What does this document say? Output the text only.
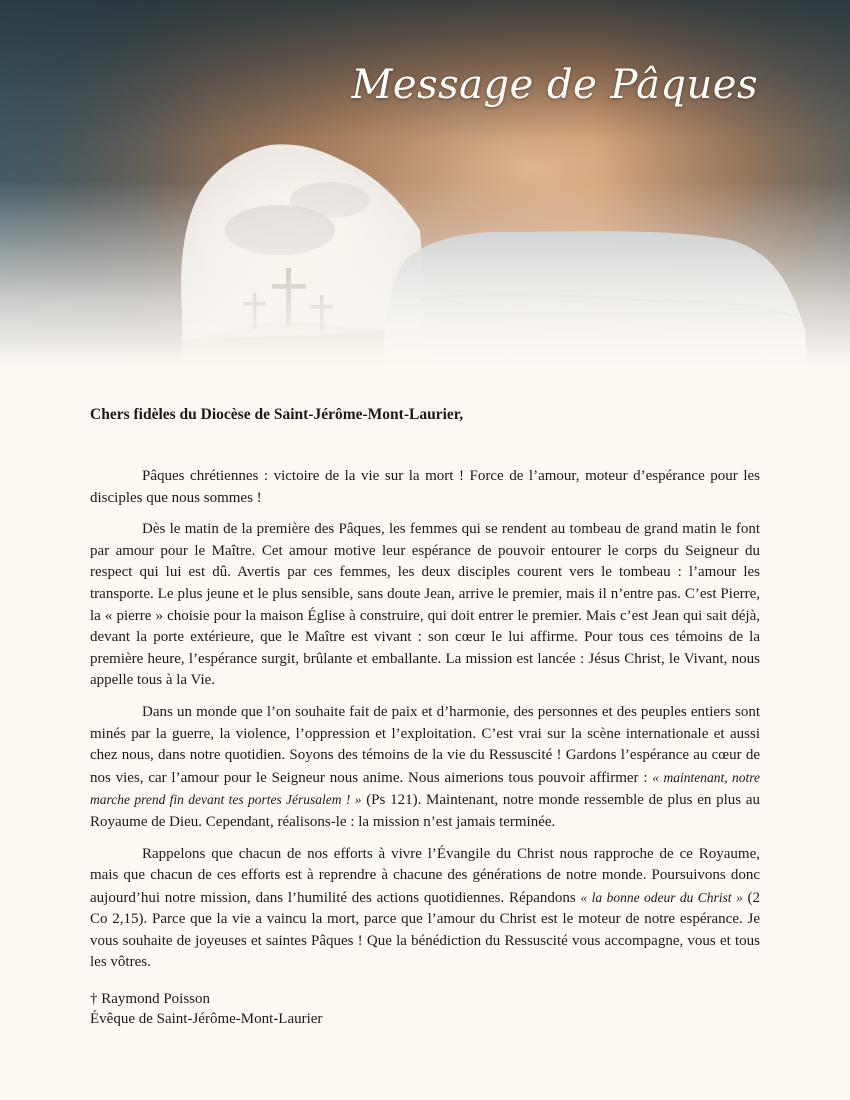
Message de Pâques
Chers fidèles du Diocèse de Saint-Jérôme-Mont-Laurier,

Pâques chrétiennes : victoire de la vie sur la mort ! Force de l’amour, moteur d’espérance pour les disciples que nous sommes !

Dès le matin de la première des Pâques, les femmes qui se rendent au tombeau de grand matin le font par amour pour le Maître. Cet amour motive leur espérance de pouvoir entourer le corps du Seigneur du respect qui lui est dû. Avertis par ces femmes, les deux disciples courent vers le tombeau : l’amour les transporte. Le plus jeune et le plus sensible, sans doute Jean, arrive le premier, mais il n’entre pas. C’est Pierre, la « pierre » choisie pour la maison Église à construire, qui doit entrer le premier. Mais c’est Jean qui sait déjà, devant la porte extérieure, que le Maître est vivant : son cœur le lui affirme. Pour tous ces témoins de la première heure, l’espérance surgit, brûlante et emballante. La mission est lancée : Jésus Christ, le Vivant, nous appelle tous à la Vie.

Dans un monde que l’on souhaite fait de paix et d’harmonie, des personnes et des peuples entiers sont minés par la guerre, la violence, l’oppression et l’exploitation. C’est vrai sur la scène internationale et aussi chez nous, dans notre quotidien. Soyons des témoins de la vie du Ressuscité ! Gardons l’espérance au cœur de nos vies, car l’amour pour le Seigneur nous anime. Nous aimerions tous pouvoir affirmer : « maintenant, notre marche prend fin devant tes portes Jérusalem ! » (Ps 121). Maintenant, notre monde ressemble de plus en plus au Royaume de Dieu. Cependant, réalisons-le : la mission n’est jamais terminée.

Rappelons que chacun de nos efforts à vivre l’Évangile du Christ nous rapproche de ce Royaume, mais que chacun de ces efforts est à reprendre à chacune des générations de notre monde. Poursuivons donc aujourd’hui notre mission, dans l’humilité des actions quotidiennes. Répandons « la bonne odeur du Christ » (2 Co 2,15). Parce que la vie a vaincu la mort, parce que l’amour du Christ est le moteur de notre espérance. Je vous souhaite de joyeuses et saintes Pâques ! Que la bénédiction du Ressuscité vous accompagne, vous et tous les vôtres.

† Raymond Poisson
Évêque de Saint-Jérôme-Mont-Laurier
